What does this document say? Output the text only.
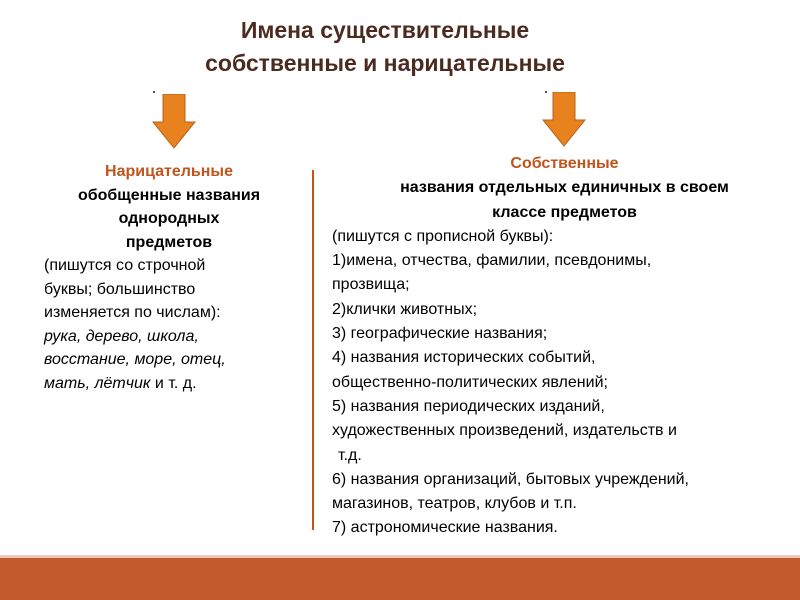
Имена существительные
собственные и нарицательные
Нарицательные
обобщенные названия
однородных
предметов
(пишутся со строчной
буквы; большинство
изменяется по числам):
рука, дерево, школа,
восстание, море, отец,
мать, лётчик и т. д.
Собственные
названия отдельных единичных в своем
классе предметов
(пишутся с прописной буквы):
1)имена, отчества, фамилии, псевдонимы,
прозвища;
2)клички животных;
3) географические названия;
4) названия исторических событий,
общественно-политических явлений;
5) названия периодических изданий,
художественных произведений, издательств и
т.д.
6) названия организаций, бытовых учреждений,
магазинов, театров, клубов и т.п.
7) астрономические названия.
